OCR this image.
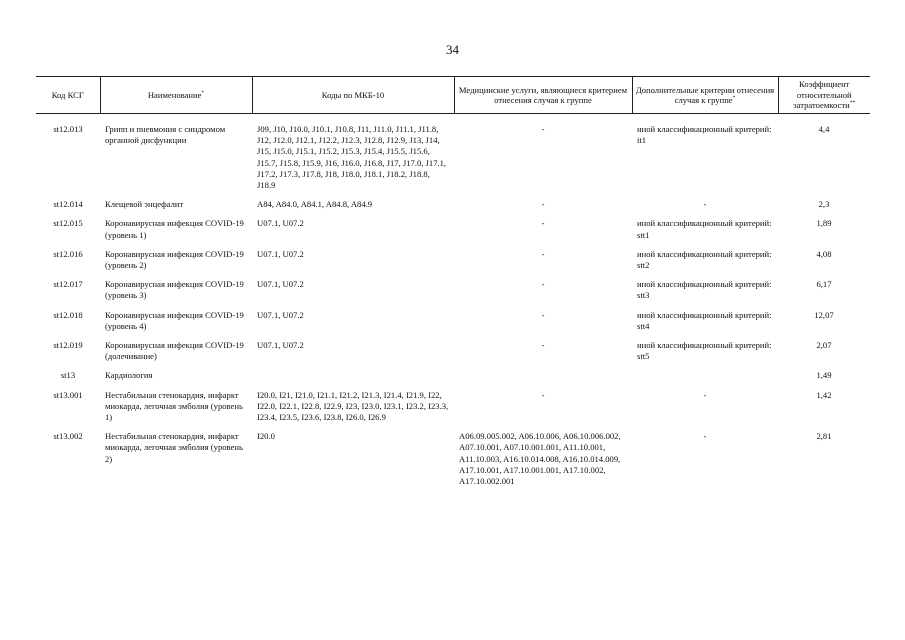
34
Код КСГ	Наименование*	Коды по МКБ-10	Медицинские услуги, являющиеся критерием отнесения случая к группе	Дополнительные критерии отнесения случая к группе*	Коэффициент относительной затратоемкости**

st12.013	Грипп и пневмония с синдромом органной дисфункции	J09, J10, J10.0, J10.1, J10.8, J11, J11.0, J11.1, J11.8, J12, J12.0, J12.1, J12.2, J12.3, J12.8, J12.9, J13, J14, J15, J15.0, J15.1, J15.2, J15.3, J15.4, J15.5, J15.6, J15.7, J15.8, J15.9, J16, J16.0, J16.8, J17, J17.0, J17.1, J17.2, J17.3, J17.8, J18, J18.0, J18.1, J18.2, J18.8, J18.9	-	иной классификационный критерий: it1	4,4
st12.014	Клещевой энцефалит	A84, A84.0, A84.1, A84.8, A84.9	-	-	2,3
st12.015	Коронавирусная инфекция COVID-19 (уровень 1)	U07.1, U07.2	-	иной классификационный критерий: stt1	1,89
st12.016	Коронавирусная инфекция COVID-19 (уровень 2)	U07.1, U07.2	-	иной классификационный критерий: stt2	4,08
st12.017	Коронавирусная инфекция COVID-19 (уровень 3)	U07.1, U07.2	-	иной классификационный критерий: stt3	6,17
st12.018	Коронавирусная инфекция COVID-19 (уровень 4)	U07.1, U07.2	-	иной классификационный критерий: stt4	12,07
st12.019	Коронавирусная инфекция COVID-19 (долечивание)	U07.1, U07.2	-	иной классификационный критерий: stt5	2,07
st13	Кардиология				1,49
st13.001	Нестабильная стенокардия, инфаркт миокарда, легочная эмболия (уровень 1)	I20.0, I21, I21.0, I21.1, I21.2, I21.3, I21.4, I21.9, I22, I22.0, I22.1, I22.8, I22.9, I23, I23.0, I23.1, I23.2, I23.3, I23.4, I23.5, I23.6, I23.8, I26.0, I26.9	-	-	1,42
st13.002	Нестабильная стенокардия, инфаркт миокарда, легочная эмболия (уровень 2)	I20.0	A06.09.005.002, A06.10.006, A06.10.006.002, A07.10.001, A07.10.001.001, A11.10.001, A11.10.003, A16.10.014.008, A16.10.014.009, A17.10.001, A17.10.001.001, A17.10.002, A17.10.002.001	-	2,81
